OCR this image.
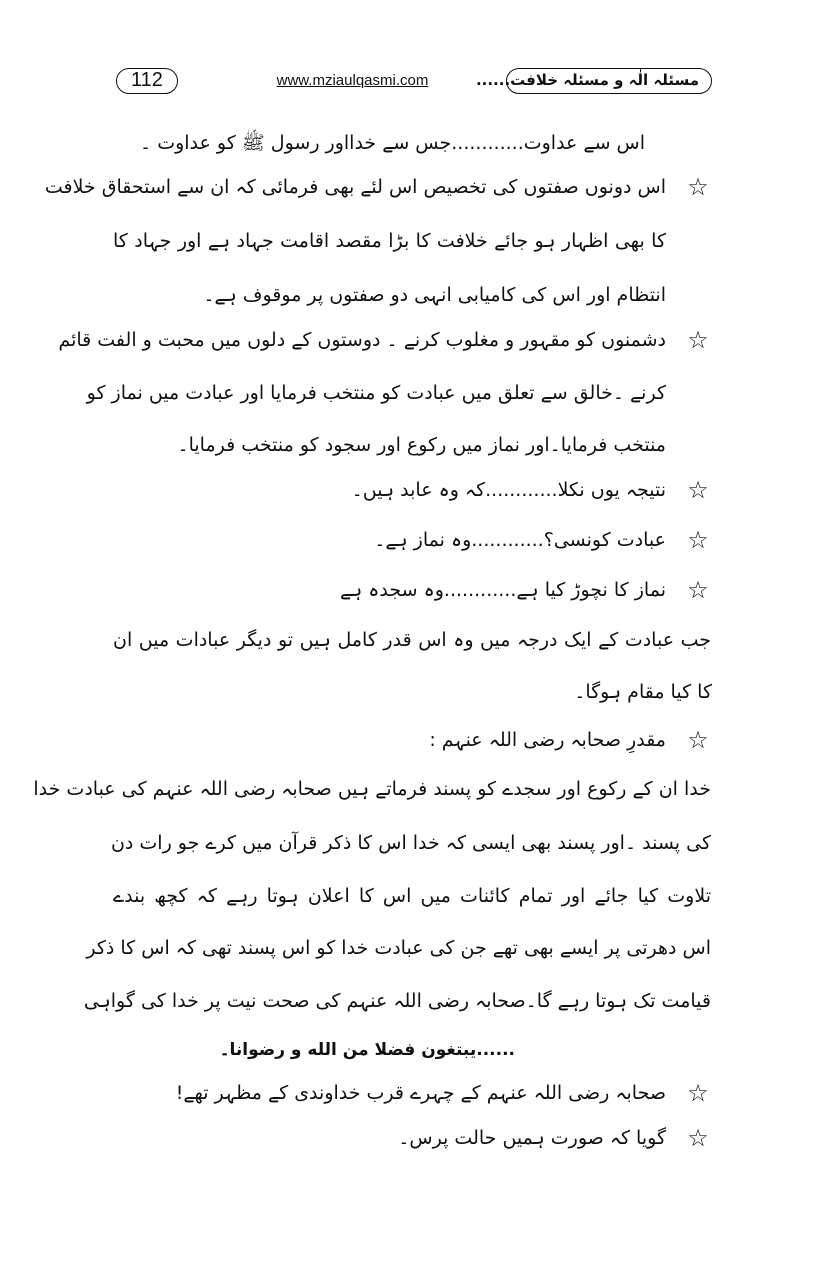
112	www.mziaulqasmi.com	مسئلہ الٰہ و مسئلہ خلافت......
اس سے عداوت............جس سے خدااور رسول ﷺ کو عداوت ۔
☆
اس دونوں صفتوں کی تخصیص اس لئے بھی فرمائی کہ ان سے استحقاق خلافت
کا بھی اظہار ہو جائے خلافت کا بڑا مقصد اقامت جہاد ہے اور جہاد کا
انتظام اور اس کی کامیابی انہی دو صفتوں پر موقوف ہے۔
☆
دشمنوں کو مقہور و مغلوب کرنے ۔ دوستوں کے دلوں میں محبت و الفت قائم
کرنے ۔خالق سے تعلق میں عبادت کو منتخب فرمایا اور عبادت میں نماز کو
منتخب فرمایا۔اور نماز میں رکوع اور سجود کو منتخب فرمایا۔
☆
نتیجہ یوں نکلا............کہ وہ عابد ہیں۔
☆
عبادت کونسی؟............وہ نماز ہے۔
☆
نماز کا نچوڑ کیا ہے............وہ سجدہ ہے
جب عبادت کے ایک درجہ میں وہ اس قدر کامل ہیں تو دیگر عبادات میں ان
کا کیا مقام ہوگا۔
☆
مقدرِ صحابہ رضی اللہ عنہم :
خدا ان کے رکوع اور سجدے کو پسند فرماتے ہیں صحابہ رضی اللہ عنہم کی عبادت خدا
کی پسند ۔اور پسند بھی ایسی کہ خدا اس کا ذکر قرآن میں کرے جو رات دن
تلاوت کیا جائے اور تمام کائنات میں اس کا اعلان ہوتا رہے کہ کچھ بندے
اس دھرتی پر ایسے بھی تھے جن کی عبادت خدا کو اس پسند تھی کہ اس کا ذکر
قیامت تک ہوتا رہے گا۔صحابہ رضی اللہ عنہم کی صحت نیت پر خدا کی گواہی
......يبتغون فضلا من الله و رضوانا۔
☆
صحابہ رضی اللہ عنہم کے چہرے قرب خداوندی کے مظہر تھے!
☆
گویا کہ صورت ہمیں حالت پرس۔
